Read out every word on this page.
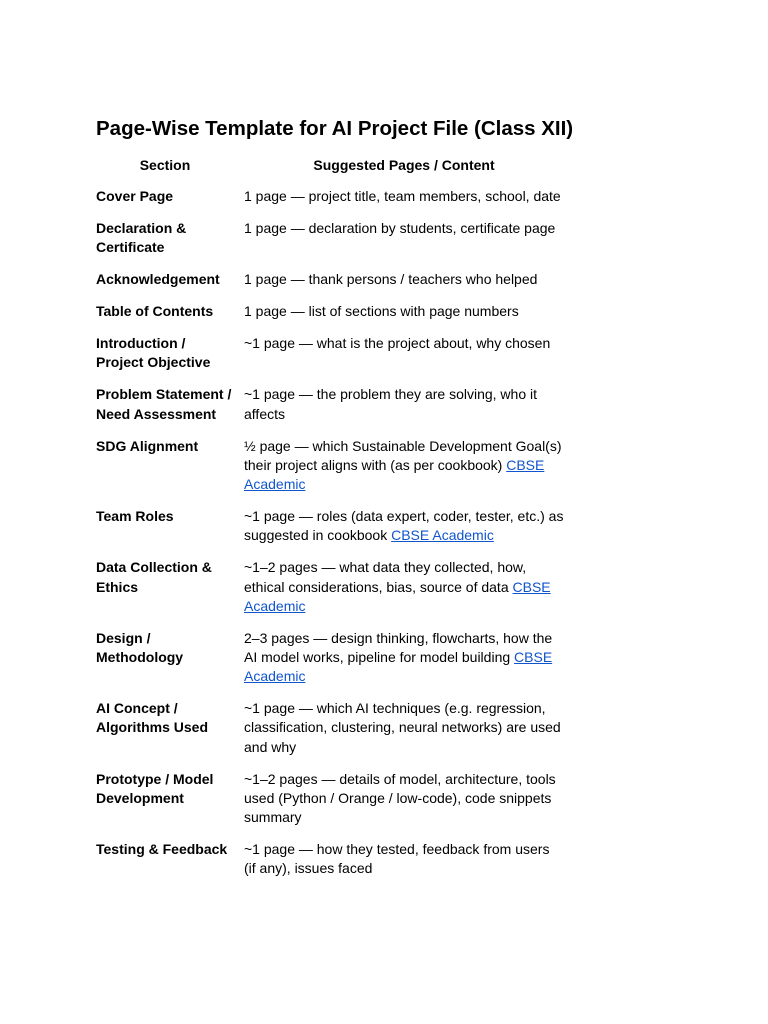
Page-Wise Template for AI Project File (Class XII)
Section	Suggested Pages / Content
Cover Page	1 page — project title, team members, school, date
Declaration & Certificate	1 page — declaration by students, certificate page
Acknowledgement	1 page — thank persons / teachers who helped
Table of Contents	1 page — list of sections with page numbers
Introduction / Project Objective	~1 page — what is the project about, why chosen
Problem Statement / Need Assessment	~1 page — the problem they are solving, who it affects
SDG Alignment	½ page — which Sustainable Development Goal(s) their project aligns with (as per cookbook) CBSE Academic
Team Roles	~1 page — roles (data expert, coder, tester, etc.) as suggested in cookbook CBSE Academic
Data Collection & Ethics	~1–2 pages — what data they collected, how, ethical considerations, bias, source of data CBSE Academic
Design / Methodology	2–3 pages — design thinking, flowcharts, how the AI model works, pipeline for model building CBSE Academic
AI Concept / Algorithms Used	~1 page — which AI techniques (e.g. regression, classification, clustering, neural networks) are used and why
Prototype / Model Development	~1–2 pages — details of model, architecture, tools used (Python / Orange / low-code), code snippets summary
Testing & Feedback	~1 page — how they tested, feedback from users (if any), issues faced
